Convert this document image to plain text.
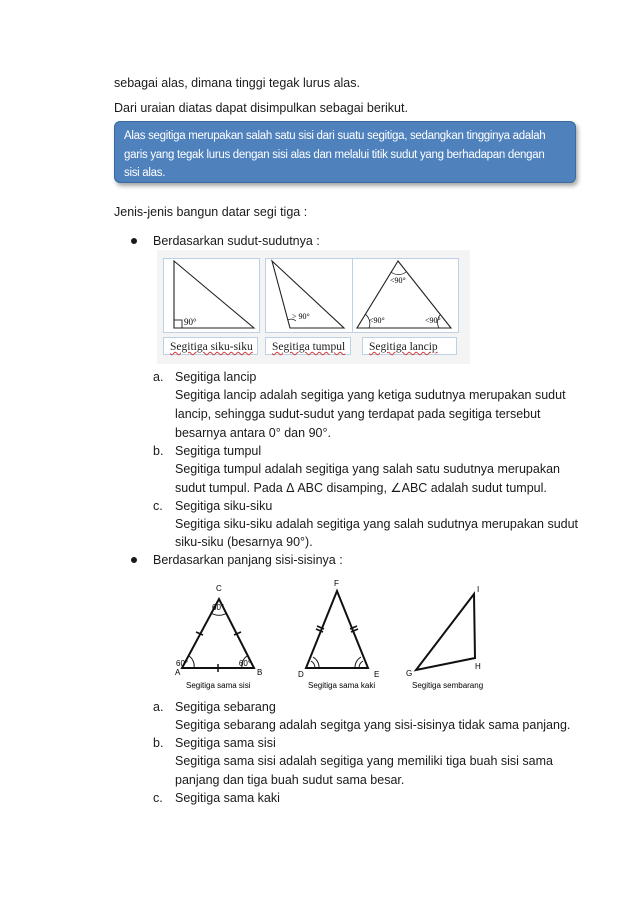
sebagai alas, dimana tinggi tegak lurus alas.
Dari uraian diatas dapat disimpulkan sebagai berikut.
Alas segitiga merupakan salah satu sisi dari suatu segitiga, sedangkan tingginya adalah
garis yang tegak lurus dengan sisi alas dan melalui titik sudut yang berhadapan dengan
sisi alas.
Jenis-jenis bangun datar segi tiga :
Berdasarkan sudut-sudutnya :
90°
> 90°
<90°
<90°	<90°
Segitiga siku-siku	Segitiga tumpul	Segitiga lancip
a. Segitiga lancip
Segitiga lancip adalah segitiga yang ketiga sudutnya merupakan sudut
lancip, sehingga sudut-sudut yang terdapat pada segitiga tersebut
besarnya antara 0° dan 90°.
b. Segitiga tumpul
Segitiga tumpul adalah segitiga yang salah satu sudutnya merupakan
sudut tumpul. Pada Δ ABC disamping, ∠ABC adalah sudut tumpul.
c. Segitiga siku-siku
Segitiga siku-siku adalah segitiga yang salah sudutnya merupakan sudut
siku-siku (besarnya 90°).
Berdasarkan panjang sisi-sisinya :
60°
60°	60°
A	B
C
Segitiga sama sisi
D	E
F
Segitiga sama kaki
G
H
I
Segitiga sembarang
a. Segitiga sebarang
Segitiga sebarang adalah segitga yang sisi-sisinya tidak sama panjang.
b. Segitiga sama sisi
Segitiga sama sisi adalah segitiga yang memiliki tiga buah sisi sama
panjang dan tiga buah sudut sama besar.
c. Segitiga sama kaki
